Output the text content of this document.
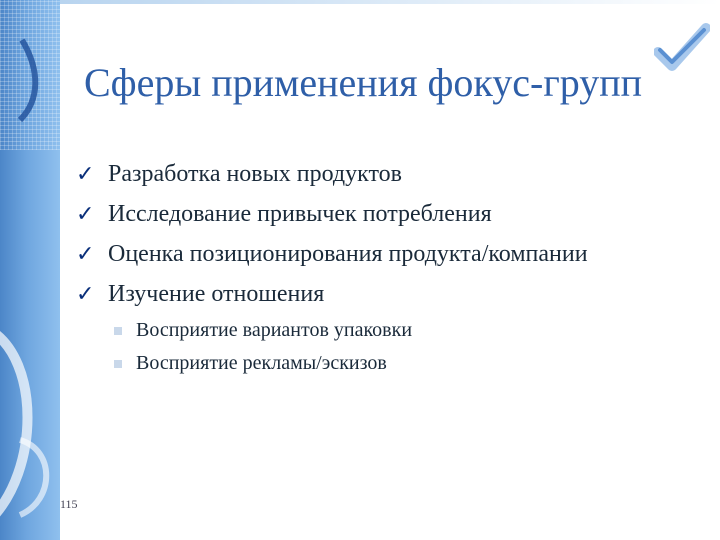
Сферы применения фокус-групп
✓ Разработка новых продуктов
✓ Исследование привычек потребления
✓ Оценка позиционирования продукта/компании
✓ Изучение отношения
Восприятие вариантов упаковки
Восприятие рекламы/эскизов
115
